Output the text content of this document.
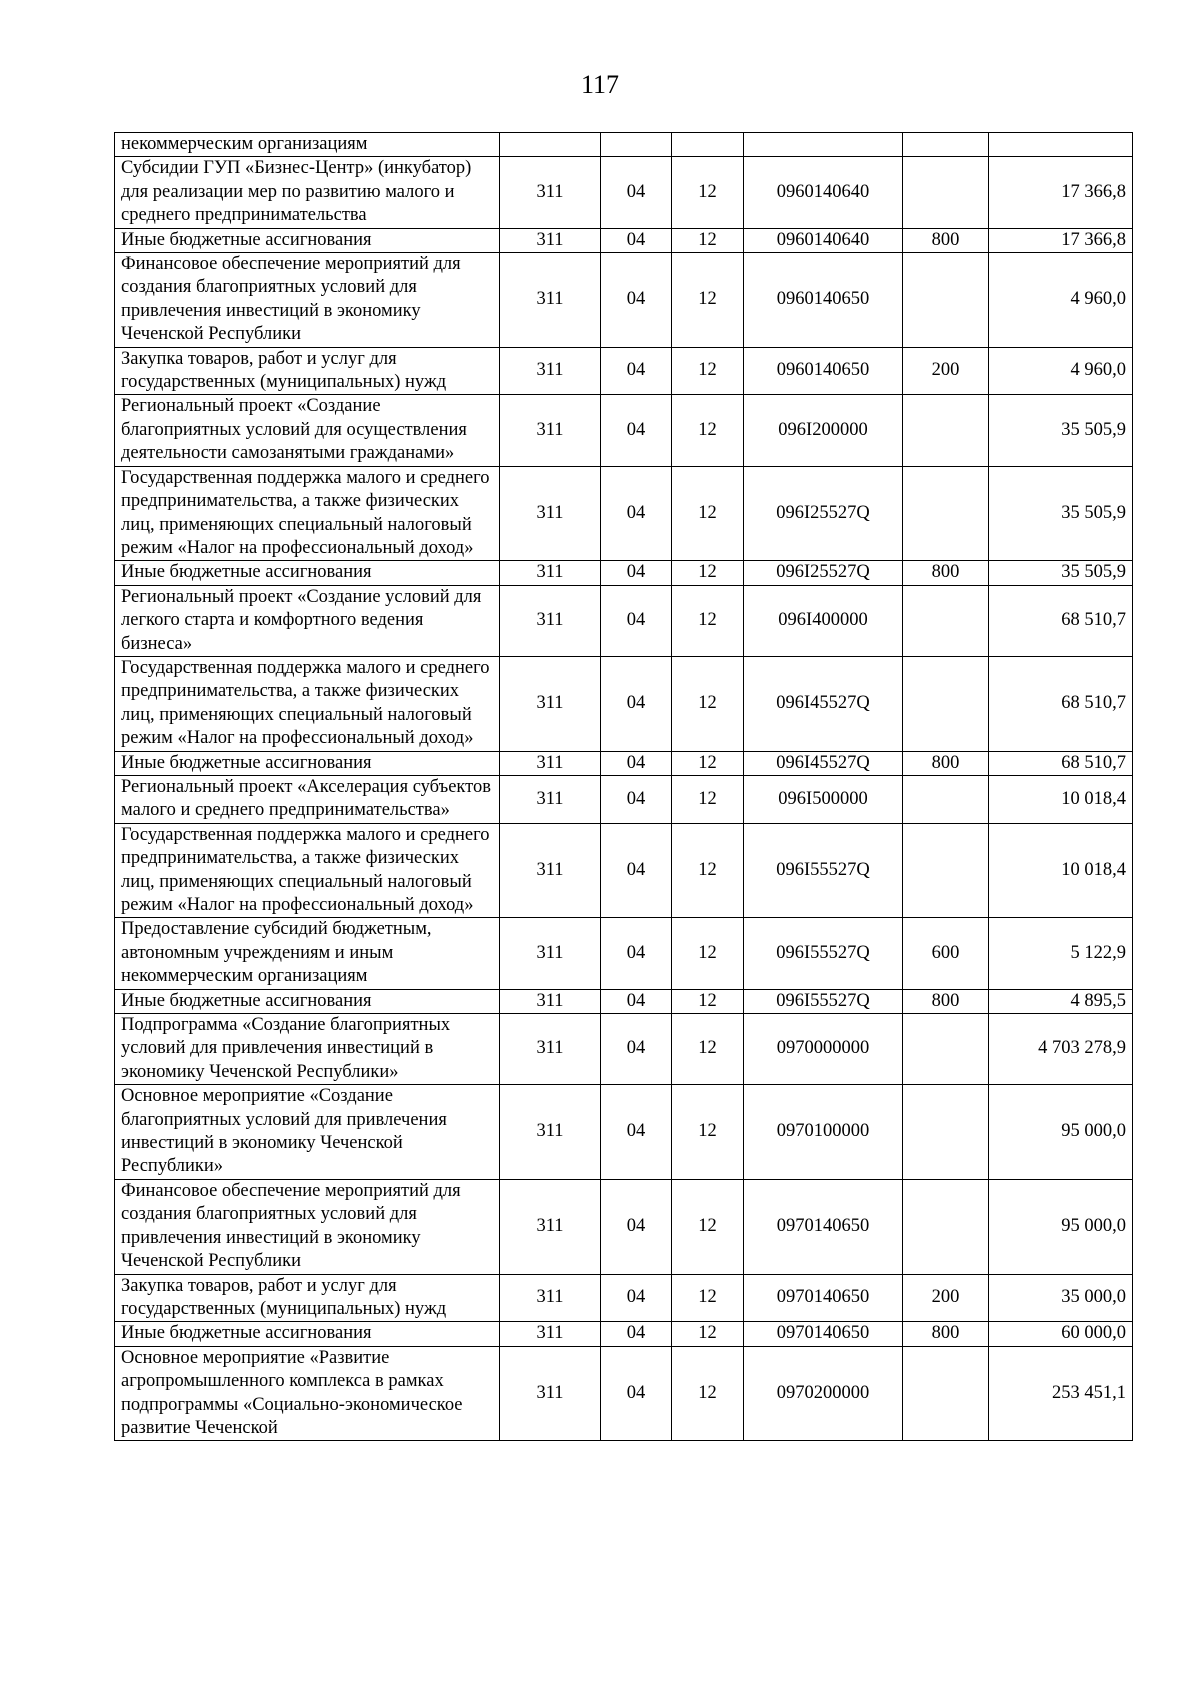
117
некоммерческим организациям						
Субсидии ГУП «Бизнес-Центр» (инкубатор) для реализации мер по развитию малого и среднего предпринимательства	311	04	12	0960140640		17 366,8
Иные бюджетные ассигнования	311	04	12	0960140640	800	17 366,8
Финансовое обеспечение мероприятий для создания благоприятных условий для привлечения инвестиций в экономику Чеченской Республики	311	04	12	0960140650		4 960,0
Закупка товаров, работ и услуг для государственных (муниципальных) нужд	311	04	12	0960140650	200	4 960,0
Региональный проект «Создание благоприятных условий для осуществления деятельности самозанятыми гражданами»	311	04	12	096I200000		35 505,9
Государственная поддержка малого и среднего предпринимательства, а также физических лиц, применяющих специальный налоговый режим «Налог на профессиональный доход»	311	04	12	096I25527Q		35 505,9
Иные бюджетные ассигнования	311	04	12	096I25527Q	800	35 505,9
Региональный проект «Создание условий для легкого старта и комфортного ведения бизнеса»	311	04	12	096I400000		68 510,7
Государственная поддержка малого и среднего предпринимательства, а также физических лиц, применяющих специальный налоговый режим «Налог на профессиональный доход»	311	04	12	096I45527Q		68 510,7
Иные бюджетные ассигнования	311	04	12	096I45527Q	800	68 510,7
Региональный проект «Акселерация субъектов малого и среднего предпринимательства»	311	04	12	096I500000		10 018,4
Государственная поддержка малого и среднего предпринимательства, а также физических лиц, применяющих специальный налоговый режим «Налог на профессиональный доход»	311	04	12	096I55527Q		10 018,4
Предоставление субсидий бюджетным, автономным учреждениям и иным некоммерческим организациям	311	04	12	096I55527Q	600	5 122,9
Иные бюджетные ассигнования	311	04	12	096I55527Q	800	4 895,5
Подпрограмма «Создание благоприятных условий для привлечения инвестиций в экономику Чеченской Республики»	311	04	12	0970000000		4 703 278,9
Основное мероприятие «Создание благоприятных условий для привлечения инвестиций в экономику Чеченской Республики»	311	04	12	0970100000		95 000,0
Финансовое обеспечение мероприятий для создания благоприятных условий для привлечения инвестиций в экономику Чеченской Республики	311	04	12	0970140650		95 000,0
Закупка товаров, работ и услуг для государственных (муниципальных) нужд	311	04	12	0970140650	200	35 000,0
Иные бюджетные ассигнования	311	04	12	0970140650	800	60 000,0
Основное мероприятие «Развитие агропромышленного комплекса в рамках подпрограммы «Социально-экономическое развитие Чеченской	311	04	12	0970200000		253 451,1
